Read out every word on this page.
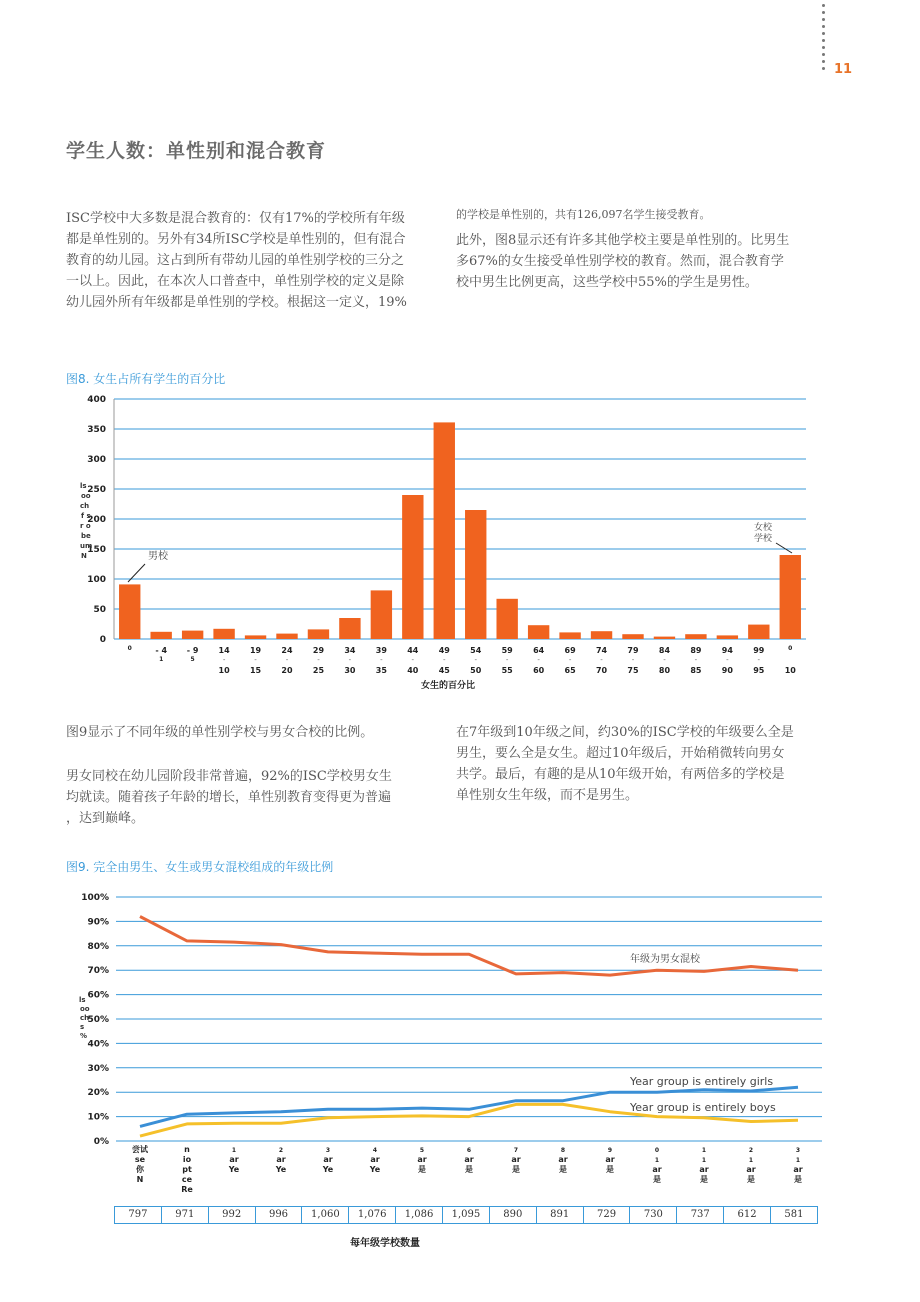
11
学生人数：单性别和混合教育
ISC学校中大多数是混合教育的：仅有17%的学校所有年级
都是单性别的。另外有34所ISC学校是单性别的，但有混合
教育的幼儿园。这占到所有带幼儿园的单性别学校的三分之
一以上。因此，在本次人口普查中，单性别学校的定义是除
幼儿园外所有年级都是单性别的学校。根据这一定义，19%
的学校是单性别的，共有126,097名学生接受教育。
此外，图8显示还有许多其他学校主要是单性别的。比男生
多67%的女生接受单性别学校的教育。然而，混合教育学
校中男生比例更高，这些学校中55%的学生是男性。
图8. 女生占所有学生的百分比
0
50
100
150
200
250
300
350
400
ls
oo
ch
f s
r o
be
um
N
0	- 4
1
- 9
5
14
-
10
19
-
15
24
-
20
29
-
25
34
-
30
39
-
35
44
-
40
49
-
45
54
-
50
59
-
55
64
-
60
69
-
65
74
-
70
79
-
75
84
-
80
89
-
85
94
-
90
99
-
95
0
10
女生的百分比
男校
女校
学校
图9显示了不同年级的单性别学校与男女合校的比例。
男女同校在幼儿园阶段非常普遍，92%的ISC学校男女生
均就读。随着孩子年龄的增长，单性别教育变得更为普遍
，达到巅峰。
在7年级到10年级之间，约30%的ISC学校的年级要么全是
男生，要么全是女生。超过10年级后，开始稍微转向男女
共学。最后，有趣的是从10年级开始，有两倍多的学校是
单性别女生年级，而不是男生。
图9. 完全由男生、女生或男女混校组成的年级比例
0%
10%
20%
30%
40%
50%
60%
70%
80%
90%
100%
ls
oo
ch
s
%
年级为男女混校
Year group is entirely girls
Year group is entirely boys
尝试
se
你
N
n
io
pt
ce
Re
1
ar
Ye
2
ar
Ye
3
ar
Ye
4
ar
Ye
5
ar
是
6
ar
是
7
ar
是
8
ar
是
9
ar
是
0
1
ar
是
1
1
ar
是
2
1
ar
是
3
1
ar
是
797	971	992	996	1,060	1,076	1,086	1,095	890	891	729	730	737	612	581
每年级学校数量
